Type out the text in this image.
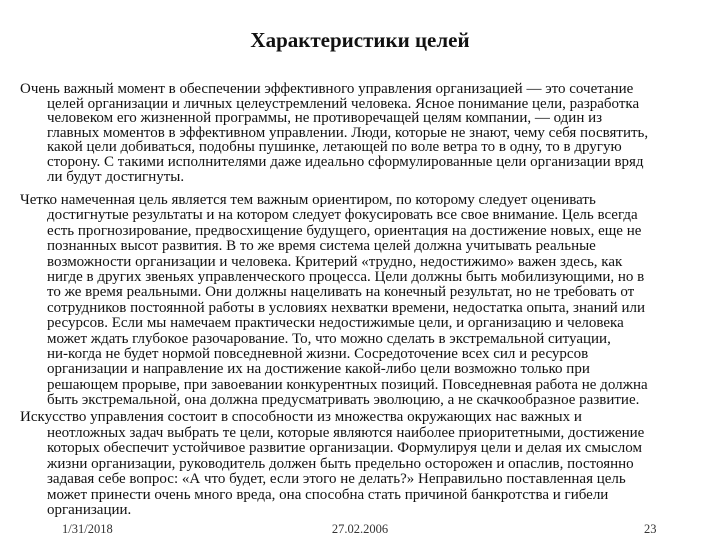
Характеристики целей
Очень важный момент в обеспечении эффективного управления организацией — это сочетание
целей организации и личных целеустремлений человека. Ясное понимание цели, разработка
человеком его жизненной программы, не противоречащей целям компании, — один из
главных моментов в эффективном управлении. Люди, которые не знают, чему себя посвятить,
какой цели добиваться, подобны пушинке, летающей по воле ветра то в одну, то в другую
сторону. С такими исполнителями даже идеально сформулированные цели организации вряд
ли будут достигнуты.
Четко намеченная цель является тем важным ориентиром, по которому следует оценивать
достигнутые результаты и на котором следует фокусировать все свое внимание. Цель всегда
есть прогнозирование, предвосхищение будущего, ориентация на достижение новых, еще не
познанных высот развития. В то же время система целей должна учитывать реальные
возможности организации и человека. Критерий «трудно, недостижимо» важен здесь, как
нигде в других звеньях управленческого процесса. Цели должны быть мобилизующими, но в
то же время реальными. Они должны нацеливать на конечный результат, но не требовать от
сотрудников постоянной работы в условиях нехватки времени, недостатка опыта, знаний или
ресурсов. Если мы намечаем практически недостижимые цели, и организацию и человека
может ждать глубокое разочарование. То, что можно сделать в экстремальной ситуации,
ни-когда не будет нормой повседневной жизни. Сосредоточение всех сил и ресурсов
организации и направление их на достижение какой-либо цели возможно только при
решающем прорыве, при завоевании конкурентных позиций. Повседневная работа не должна
быть экстремальной, она должна предусматривать эволюцию, а не скачкообразное развитие.
Искусство управления состоит в способности из множества окружающих нас важных и
неотложных задач выбрать те цели, которые являются наиболее приоритетными, достижение
которых обеспечит устойчивое развитие организации. Формулируя цели и делая их смыслом
жизни организации, руководитель должен быть предельно осторожен и опаслив, постоянно
задавая себе вопрос: «А что будет, если этого не делать?» Неправильно поставленная цель
может принести очень много вреда, она способна стать причиной банкротства и гибели
организации.
1/31/2018	27.02.2006	23
